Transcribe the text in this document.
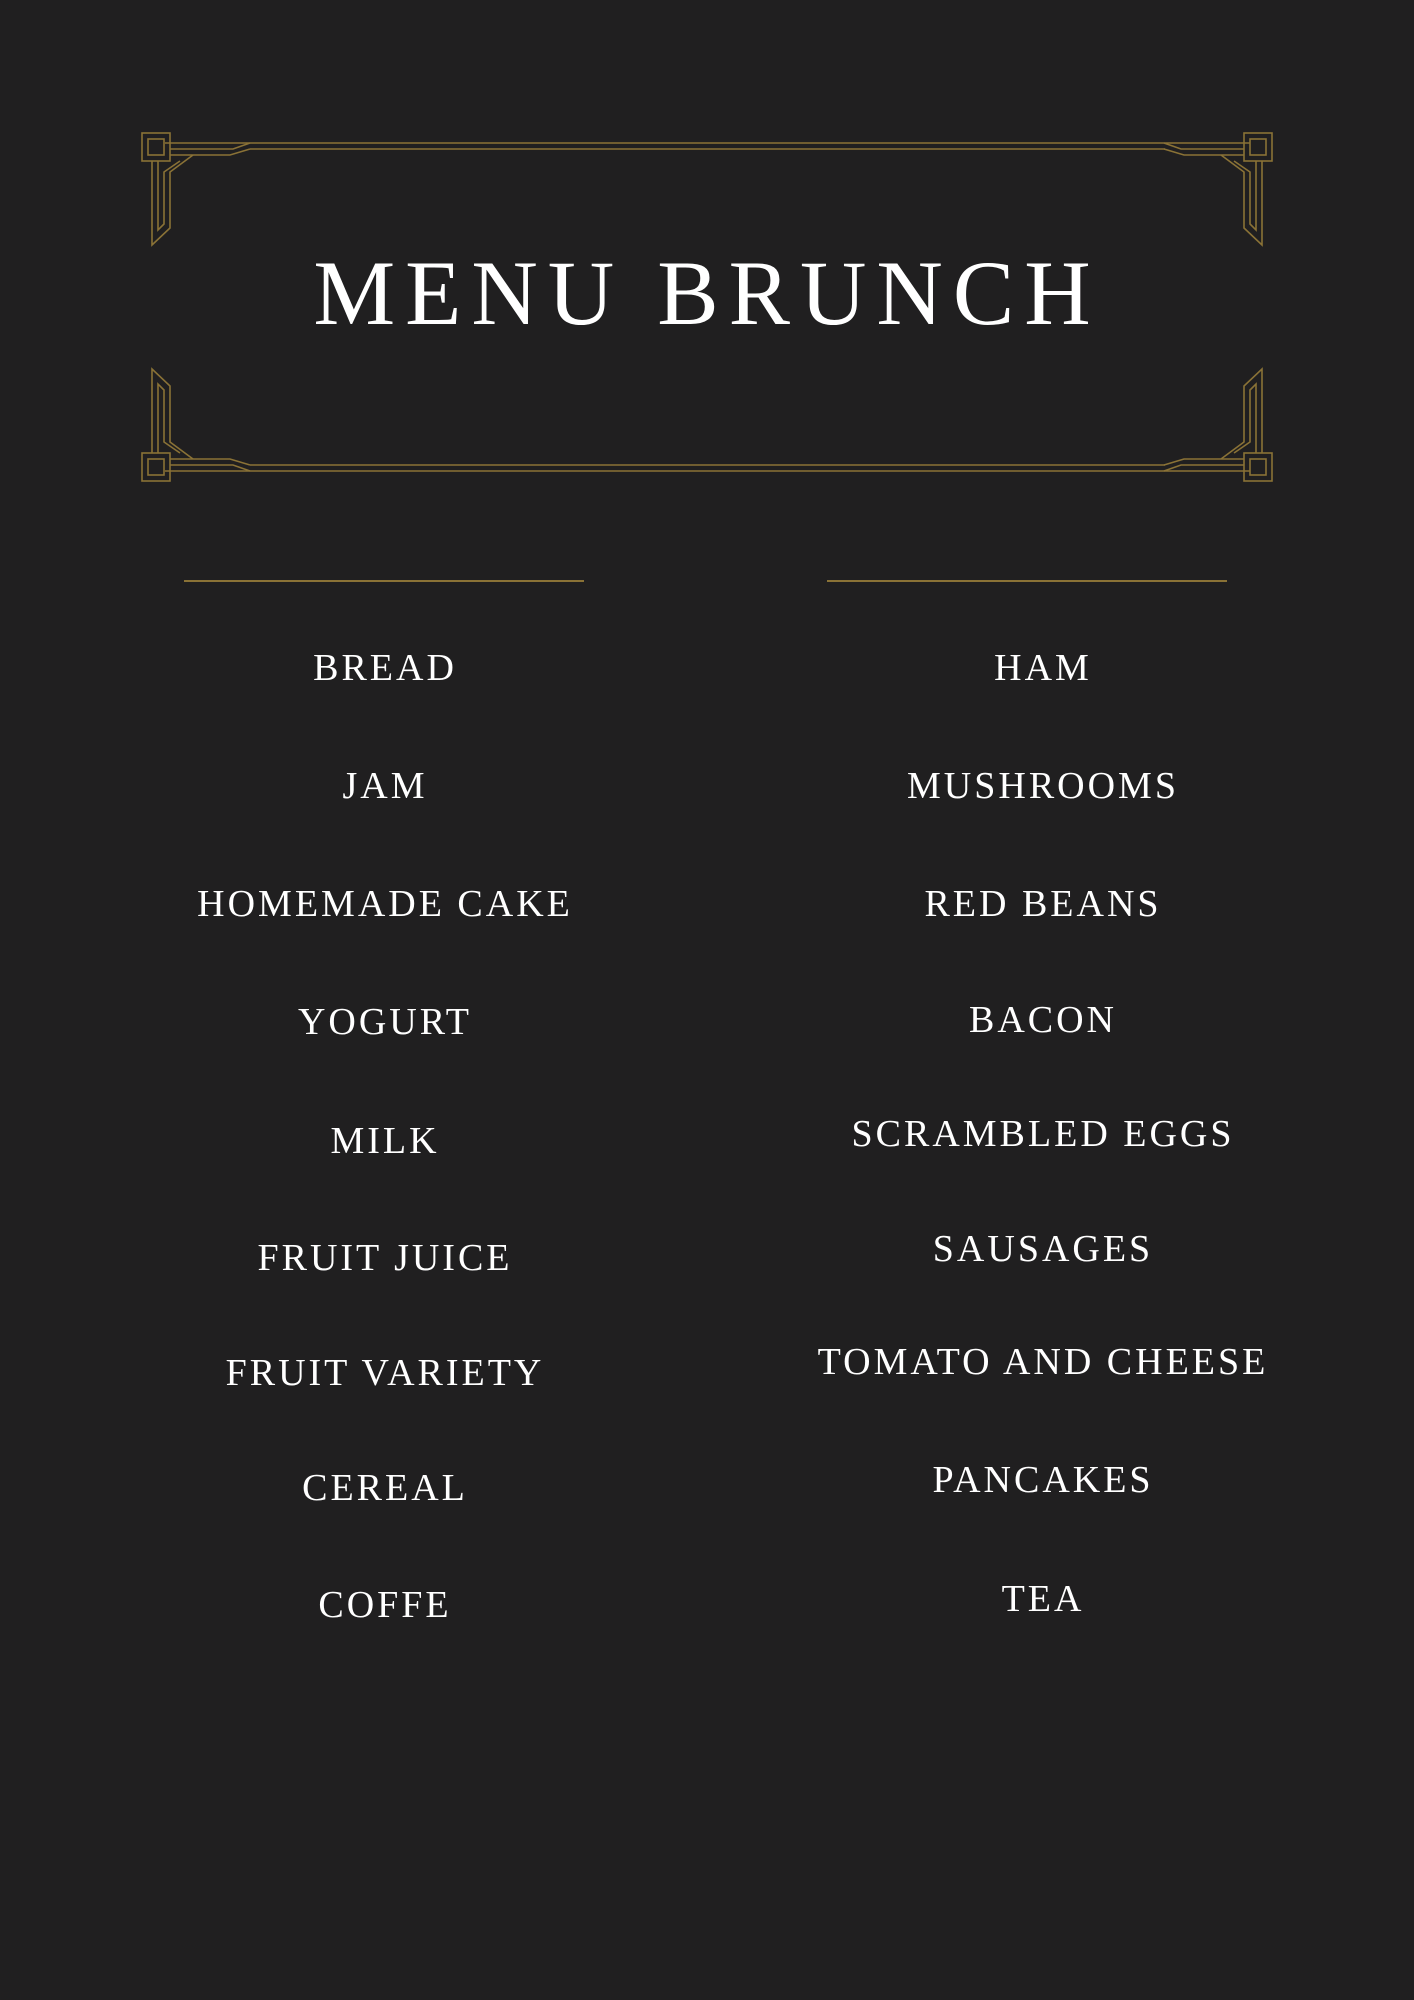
MENU BRUNCH
BREAD
JAM
HOMEMADE CAKE
YOGURT
MILK
FRUIT JUICE
FRUIT VARIETY
CEREAL
COFFE
HAM
MUSHROOMS
RED BEANS
BACON
SCRAMBLED EGGS
SAUSAGES
TOMATO AND CHEESE
PANCAKES
TEA
